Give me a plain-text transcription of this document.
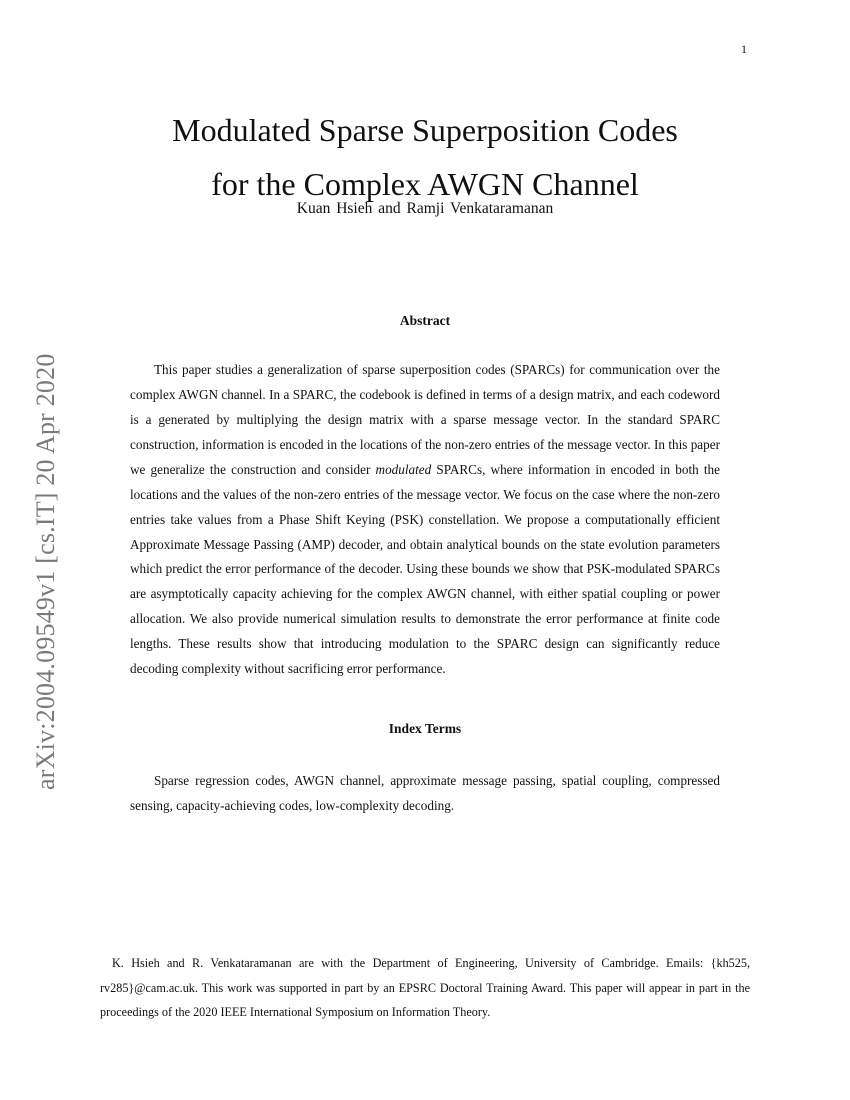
1
arXiv:2004.09549v1 [cs.IT] 20 Apr 2020
Modulated Sparse Superposition Codes
for the Complex AWGN Channel
Kuan Hsieh and Ramji Venkataramanan
Abstract

This paper studies a generalization of sparse superposition codes (SPARCs) for communication over the complex AWGN channel. In a SPARC, the codebook is defined in terms of a design matrix, and each codeword is a generated by multiplying the design matrix with a sparse message vector. In the standard SPARC construction, information is encoded in the locations of the non-zero entries of the message vector. In this paper we generalize the construction and consider modulated SPARCs, where information in encoded in both the locations and the values of the non-zero entries of the message vector. We focus on the case where the non-zero entries take values from a Phase Shift Keying (PSK) constellation. We propose a computationally efficient Approximate Message Passing (AMP) decoder, and obtain analytical bounds on the state evolution parameters which predict the error performance of the decoder. Using these bounds we show that PSK-modulated SPARCs are asymptotically capacity achieving for the complex AWGN channel, with either spatial coupling or power allocation. We also provide numerical simulation results to demonstrate the error performance at finite code lengths. These results show that introducing modulation to the SPARC design can significantly reduce decoding complexity without sacrificing error performance.

Index Terms

Sparse regression codes, AWGN channel, approximate message passing, spatial coupling, compressed sensing, capacity-achieving codes, low-complexity decoding.

K. Hsieh and R. Venkataramanan are with the Department of Engineering, University of Cambridge. Emails: {kh525, rv285}@cam.ac.uk. This work was supported in part by an EPSRC Doctoral Training Award. This paper will appear in part in the proceedings of the 2020 IEEE International Symposium on Information Theory.
